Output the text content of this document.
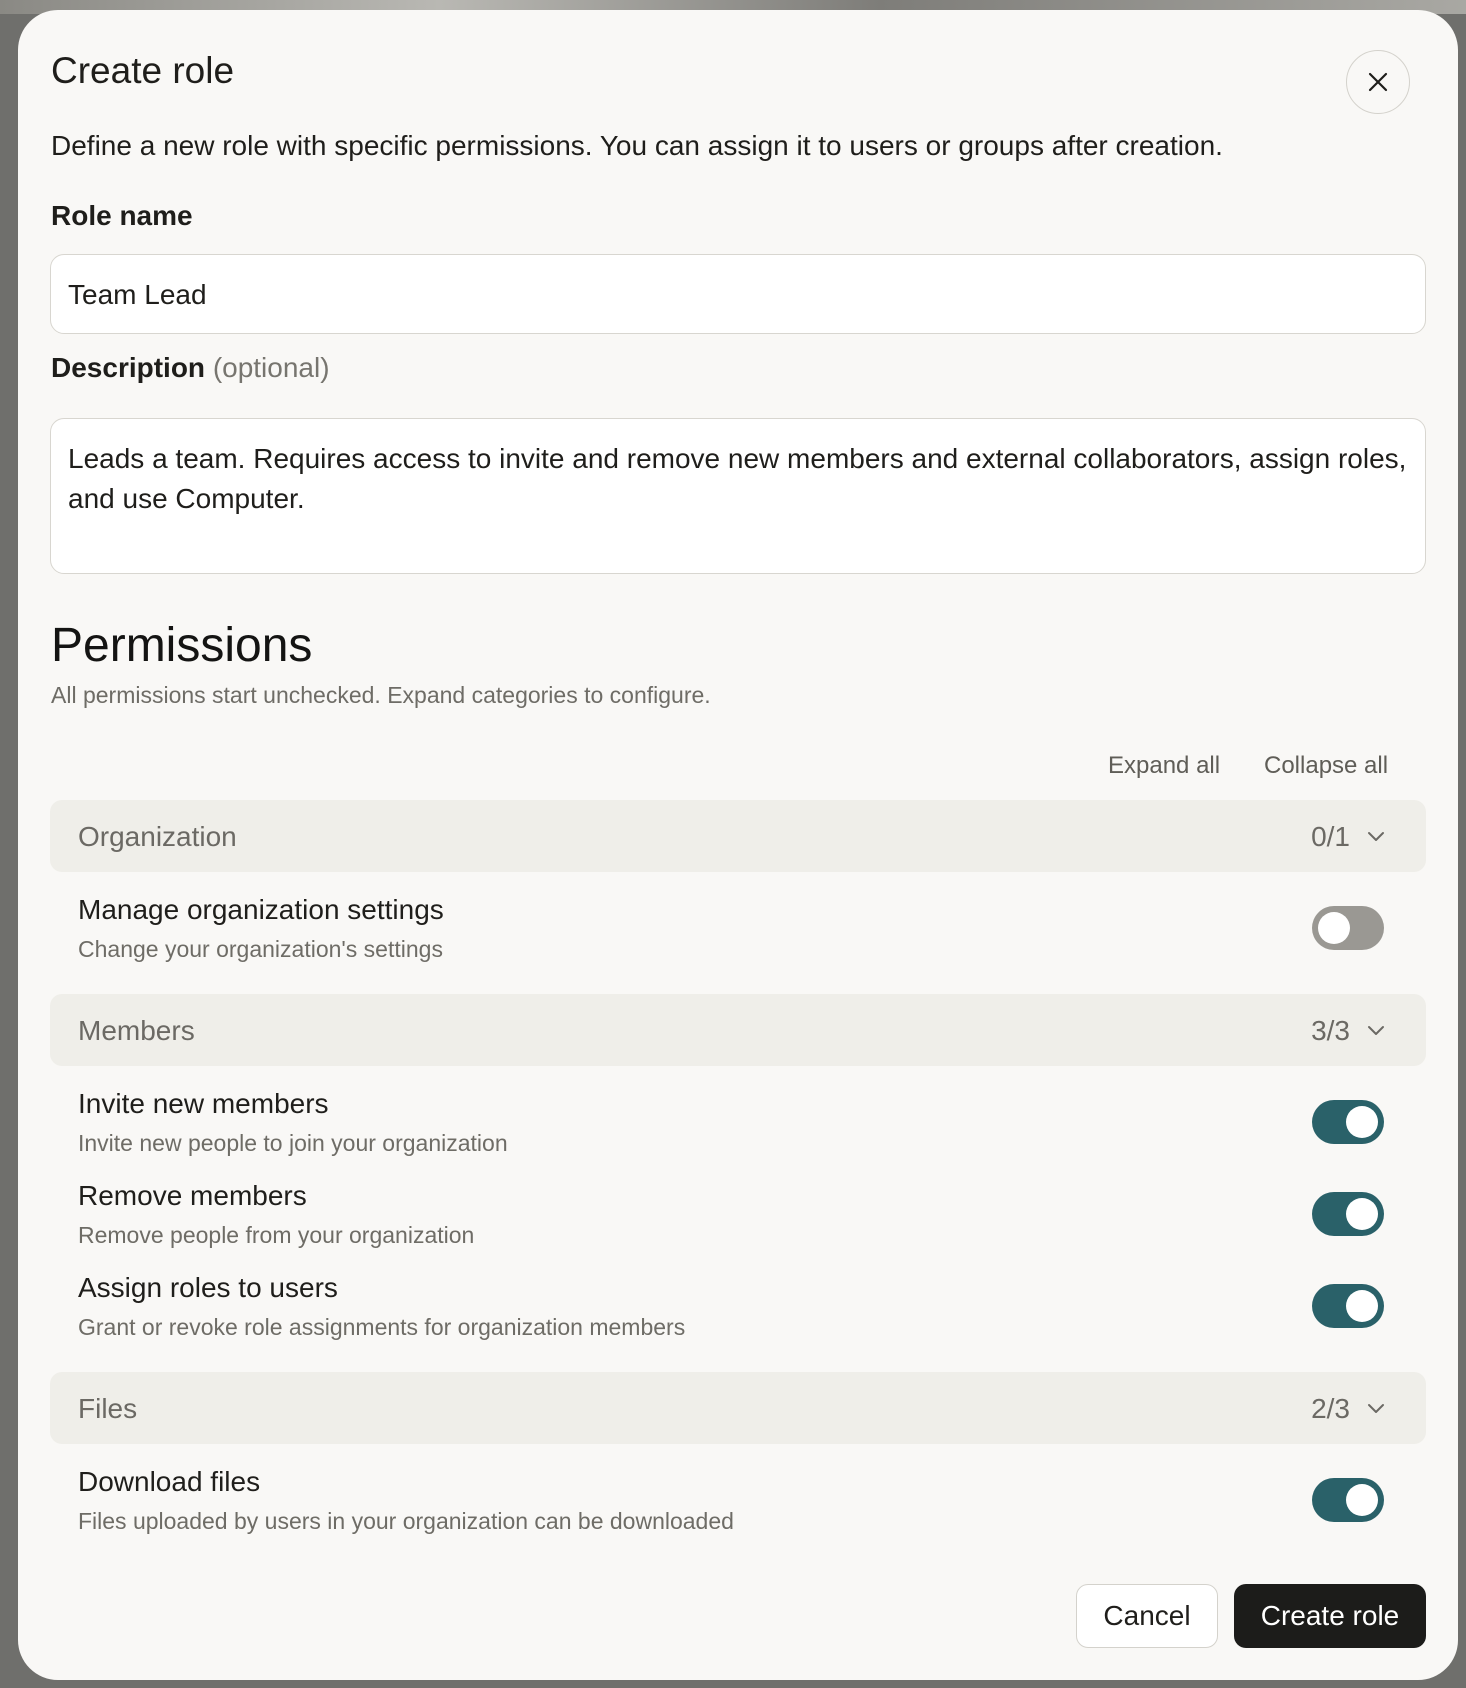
Create role
Define a new role with specific permissions. You can assign it to users or groups after creation.
Role name
Team Lead
Description (optional)
Leads a team. Requires access to invite and remove new members and external collaborators, assign roles, and use Computer.
Permissions
All permissions start unchecked. Expand categories to configure.
Expand all Collapse all
Organization	0/1
Manage organization settings
Change your organization's settings
Members	3/3
Invite new members
Invite new people to join your organization
Remove members
Remove people from your organization
Assign roles to users
Grant or revoke role assignments for organization members
Files	2/3
Download files
Files uploaded by users in your organization can be downloaded
Cancel	Create role
